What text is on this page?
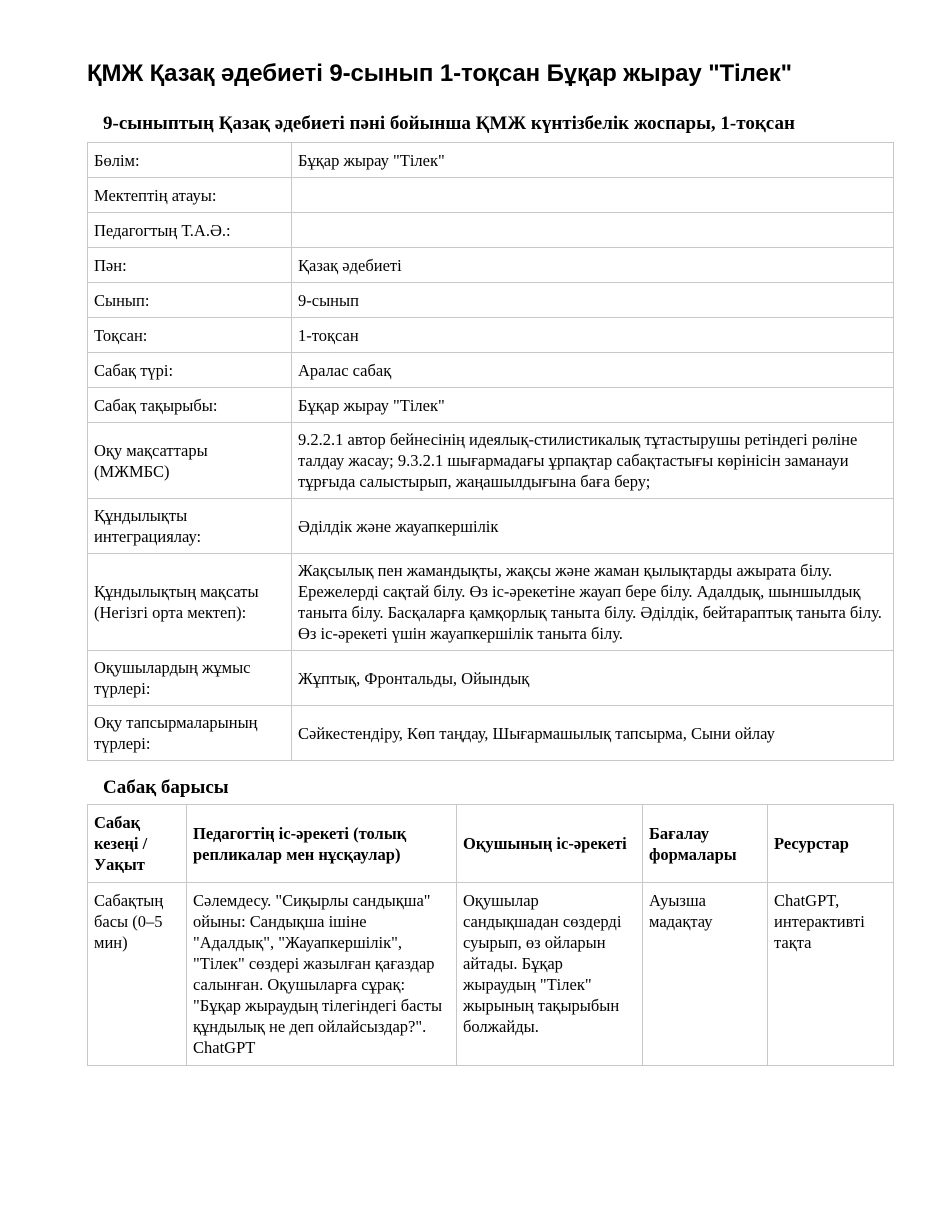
ҚМЖ Қазақ әдебиеті 9-сынып 1-тоқсан Бұқар жырау "Тілек"
9-сыныптың Қазақ әдебиеті пәні бойынша ҚМЖ күнтізбелік жоспары, 1-тоқсан
Бөлім:	Бұқар жырау "Тілек"
Мектептің атауы:	
Педагогтың Т.А.Ә.:	
Пән:	Қазақ әдебиеті
Сынып:	9-сынып
Тоқсан:	1-тоқсан
Сабақ түрі:	Аралас сабақ
Сабақ тақырыбы:	Бұқар жырау "Тілек"
Оқу мақсаттары (МЖМБС)	9.2.2.1 автор бейнесінің идеялық-стилистикалық тұтастырушы ретіндегі рөліне талдау жасау; 9.3.2.1 шығармадағы ұрпақтар сабақтастығы көрінісін заманауи тұрғыда салыстырып, жаңашылдығына баға беру;
Құндылықты интеграциялау:	Әділдік және жауапкершілік
Құндылықтың мақсаты (Негізгі орта мектеп):	Жақсылық пен жамандықты, жақсы және жаман қылықтарды ажырата білу. Ережелерді сақтай білу. Өз іс-әрекетіне жауап бере білу. Адалдық, шыншылдық таныта білу. Басқаларға қамқорлық таныта білу. Әділдік, бейтараптық таныта білу. Өз іс-әрекеті үшін жауапкершілік таныта білу.
Оқушылардың жұмыс түрлері:	Жұптық, Фронтальды, Ойындық
Оқу тапсырмаларының түрлері:	Сәйкестендіру, Көп таңдау, Шығармашылық тапсырма, Сыни ойлау
Сабақ барысы
Сабақ кезеңі / Уақыт	Педагогтің іс-әрекеті (толық репликалар мен нұсқаулар)	Оқушының іс-әрекеті	Бағалау формалары	Ресурстар
Сабақтың басы (0–5 мин)	Сәлемдесу. "Сиқырлы сандықша" ойыны: Сандықша ішіне "Адалдық", "Жауапкершілік", "Тілек" сөздері жазылған қағаздар салынған. Оқушыларға сұрақ: "Бұқар жыраудың тілегіндегі басты құндылық не деп ойлайсыздар?". ChatGPT	Оқушылар сандықшадан сөздерді суырып, өз ойларын айтады. Бұқар жыраудың "Тілек" жырының тақырыбын болжайды.	Ауызша мадақтау	ChatGPT, интерактивті тақта
